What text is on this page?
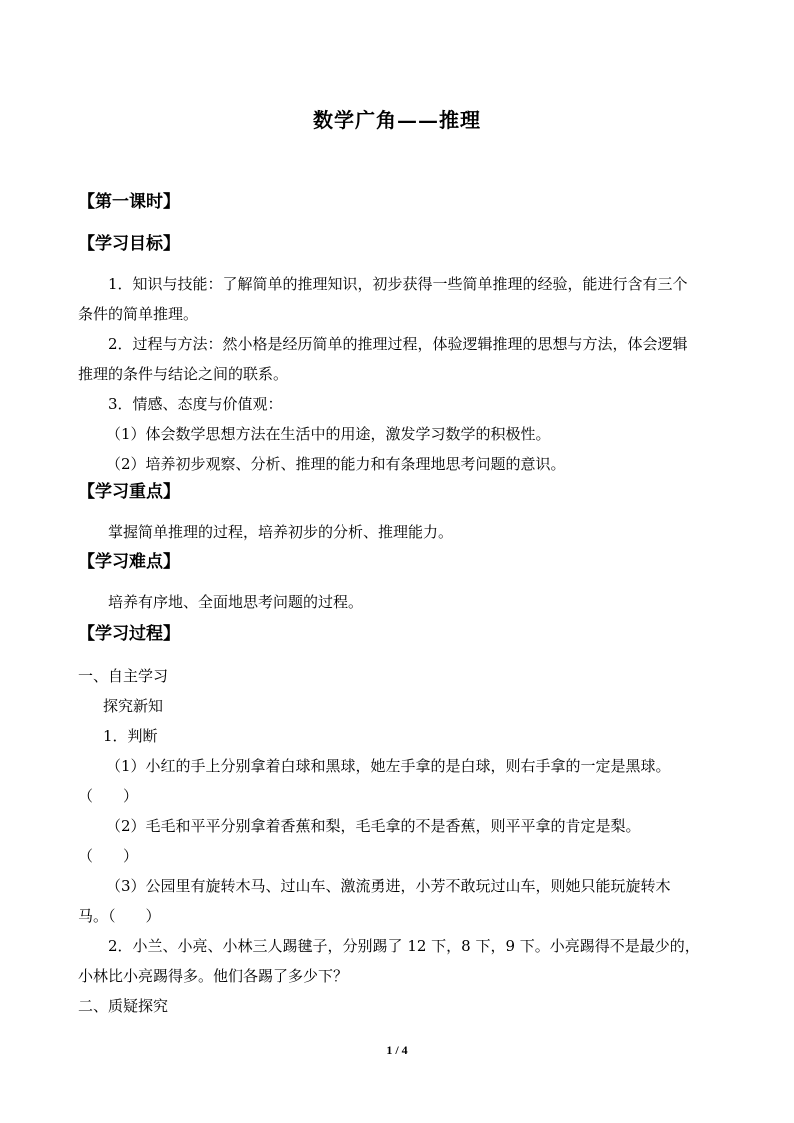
数学广角——推理
【第一课时】
【学习目标】
1．知识与技能：了解简单的推理知识，初步获得一些简单推理的经验，能进行含有三个
条件的简单推理。
2．过程与方法：然小格是经历简单的推理过程，体验逻辑推理的思想与方法，体会逻辑
推理的条件与结论之间的联系。
3．情感、态度与价值观：
（1）体会数学思想方法在生活中的用途，激发学习数学的积极性。
（2）培养初步观察、分析、推理的能力和有条理地思考问题的意识。
【学习重点】
掌握简单推理的过程，培养初步的分析、推理能力。
【学习难点】
培养有序地、全面地思考问题的过程。
【学习过程】
一、自主学习
探究新知
1．判断
（1）小红的手上分别拿着白球和黑球，她左手拿的是白球，则右手拿的一定是黑球。
（　　）
（2）毛毛和平平分别拿着香蕉和梨，毛毛拿的不是香蕉，则平平拿的肯定是梨。
（　　）
（3）公园里有旋转木马、过山车、激流勇进，小芳不敢玩过山车，则她只能玩旋转木
马。（　　）
2．小兰、小亮、小林三人踢毽子，分别踢了 12 下，8 下，9 下。小亮踢得不是最少的，
小林比小亮踢得多。他们各踢了多少下？
二、质疑探究
1 / 4
